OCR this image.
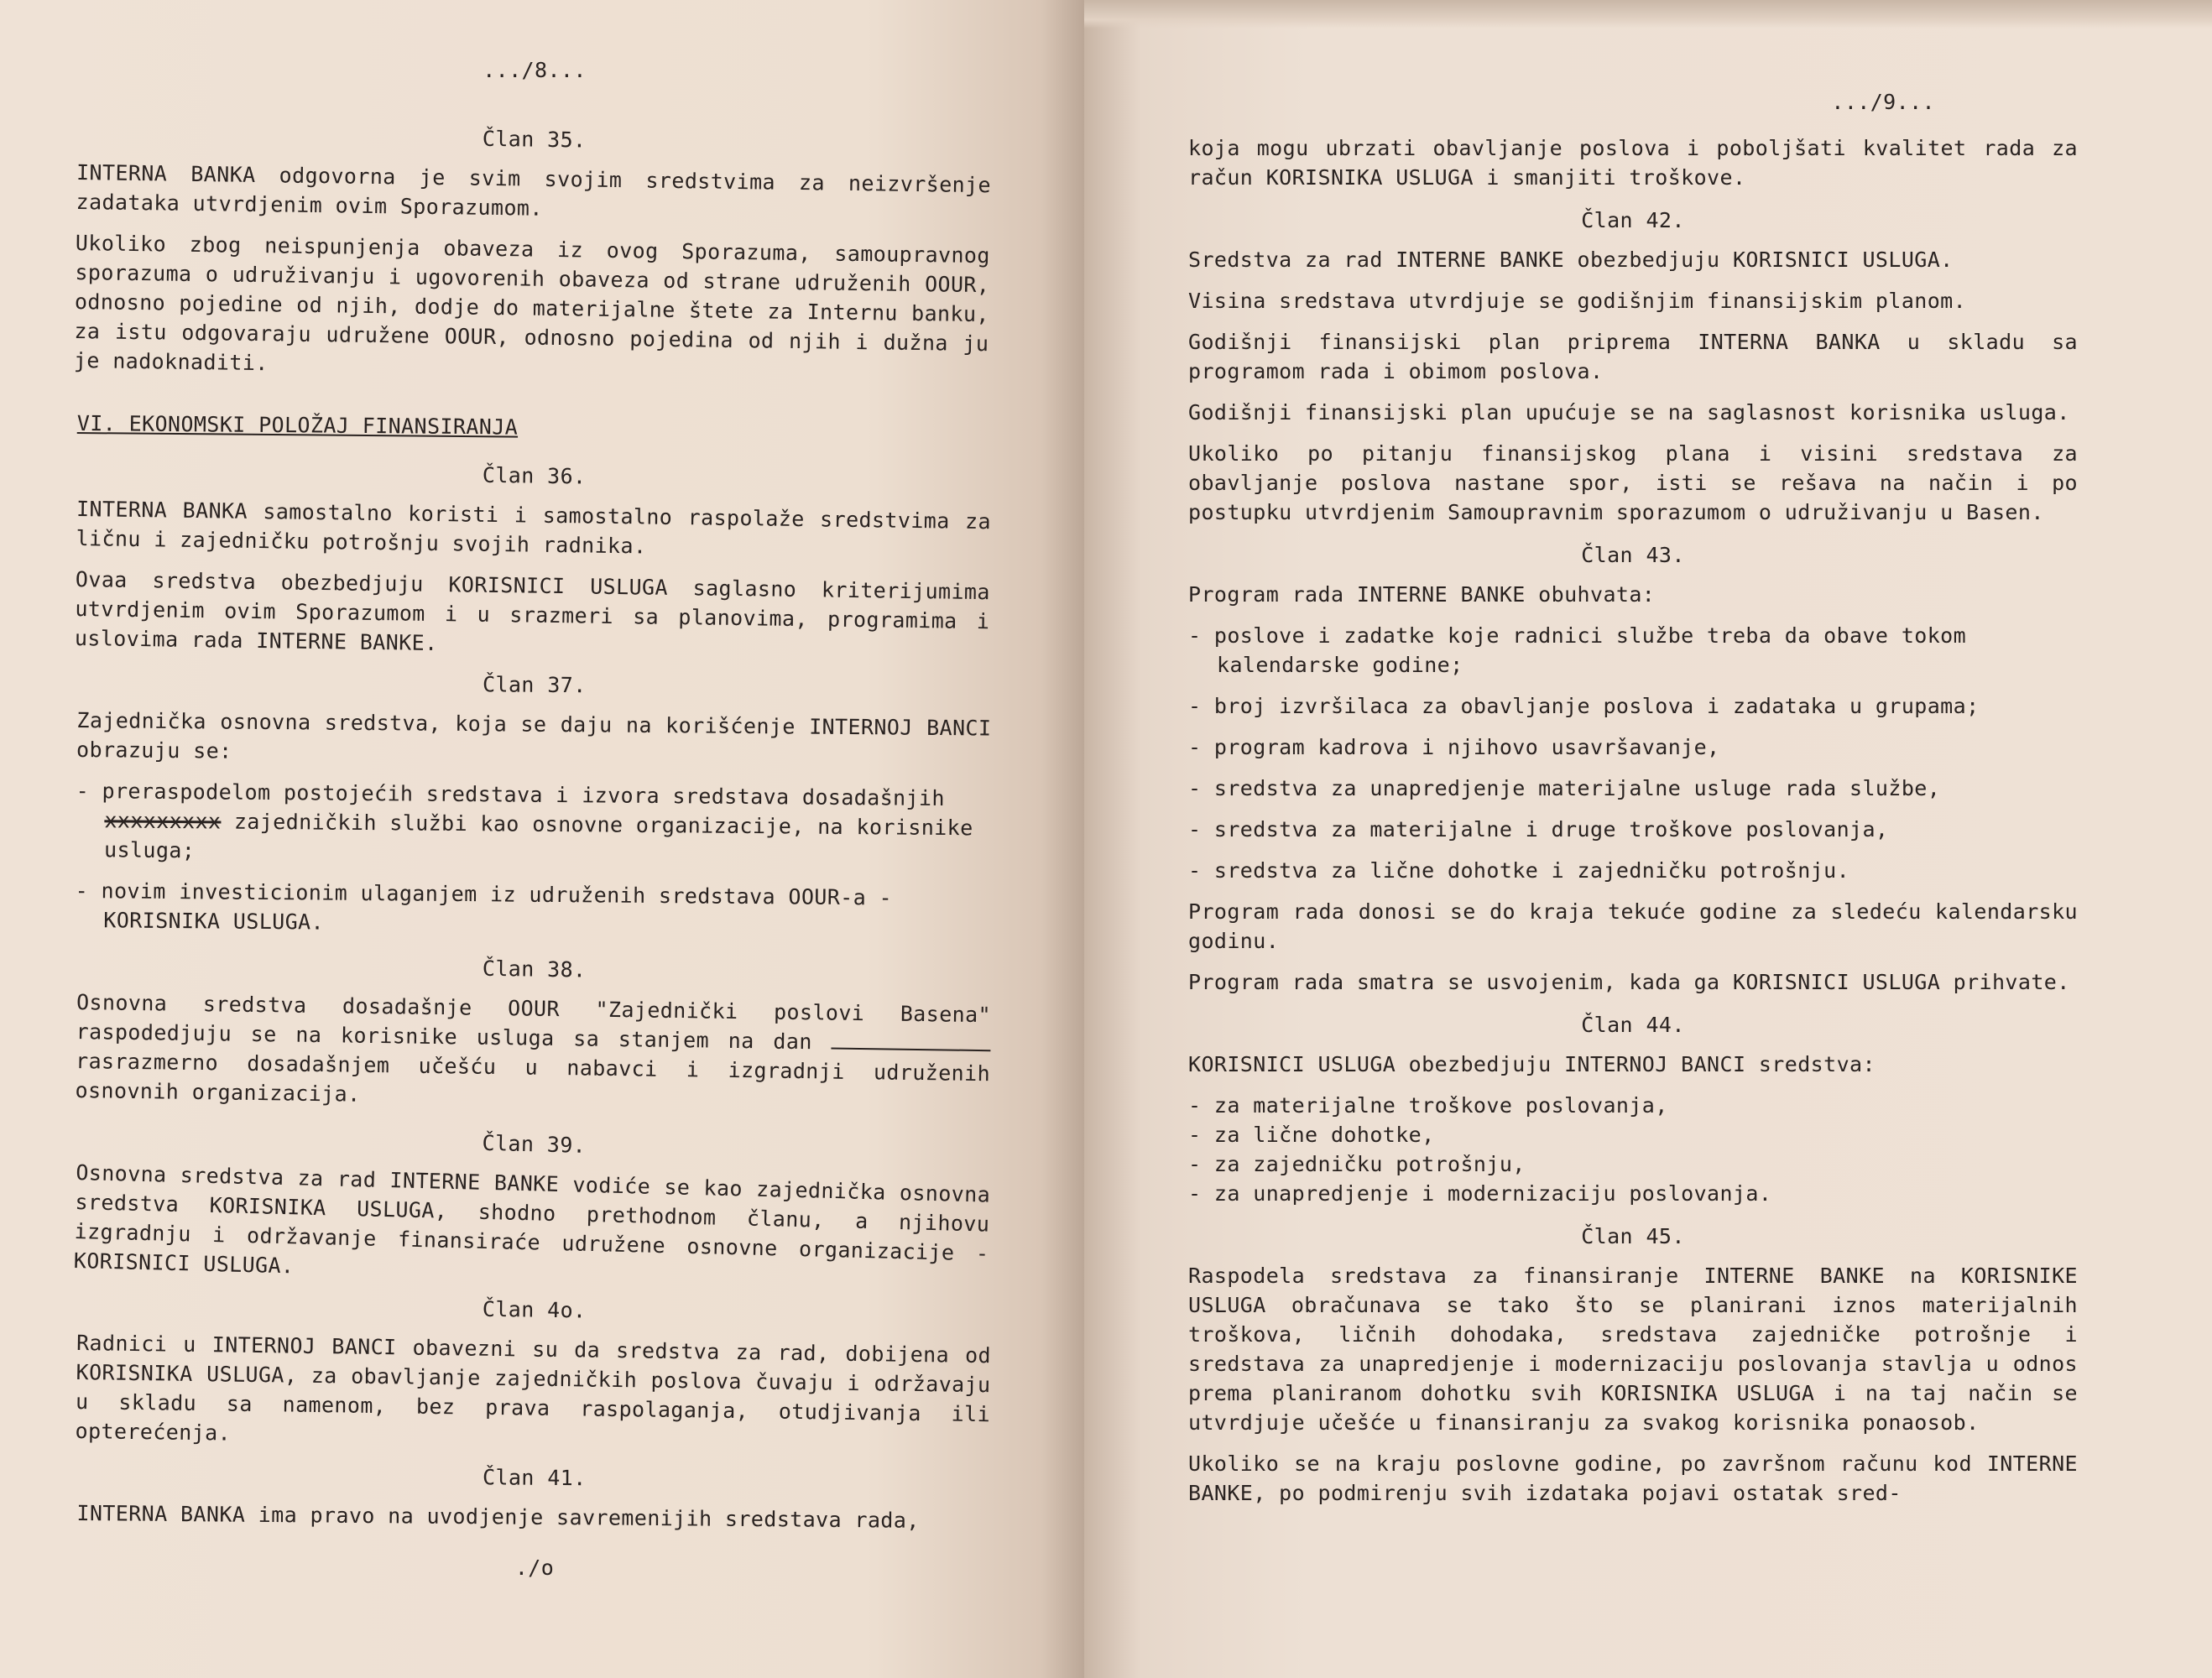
.../8...
Član 35.

INTERNA BANKA odgovorna je svim svojim sredstvima za neizvršenje zadataka utvrdjenim ovim Sporazumom.

Ukoliko zbog neispunjenja obaveza iz ovog Sporazuma, samoupravnog sporazuma o udruživanju i ugovorenih obaveza od strane udruženih OOUR, odnosno pojedine od njih, dodje do materijalne štete za Internu banku, za istu odgovaraju udružene OOUR, odnosno pojedina od njih i dužna ju je nadoknaditi.

VI. EKONOMSKI POLOŽAJ FINANSIRANJA
Član 36.

INTERNA BANKA samostalno koristi i samostalno raspolaže sredstvima za ličnu i zajedničku potrošnju svojih radnika.

Ovaa sredstva obezbedjuju KORISNICI USLUGA saglasno kriterijumima utvrdjenim ovim Sporazumom i u srazmeri sa planovima, programima i uslovima rada INTERNE BANKE.

Član 37.

Zajednička osnovna sredstva, koja se daju na korišćenje INTERNOJ BANCI obrazuju se:

- preraspodelom postojećih sredstava i izvora sredstava dosadašnjih xxxxxxxxx zajedničkih službi kao osnovne organizacije, na korisnike usluga;
- novim investicionim ulaganjem iz udruženih sredstava OOUR-a - KORISNIKA USLUGA.
Član 38.

Osnovna sredstva dosadašnje OOUR "Zajednički poslovi Basena" raspodedjuju se na korisnike usluga sa stanjem na dan  rasrazmerno dosadašnjem učešću u nabavci i izgradnji udruženih osnovnih organizacija.

Član 39.

Osnovna sredstva za rad INTERNE BANKE vodiće se kao zajednička osnovna sredstva KORISNIKA USLUGA, shodno prethodnom članu, a njihovu izgradnju i održavanje finansiraće udružene osnovne organizacije - KORISNICI USLUGA.

Član 4o.

Radnici u INTERNOJ BANCI obavezni su da sredstva za rad, dobijena od KORISNIKA USLUGA, za obavljanje zajedničkih poslova čuvaju i održavaju u skladu sa namenom, bez prava raspolaganja, otudjivanja ili opterećenja.

Član 41.

INTERNA BANKA ima pravo na uvodjenje savremenijih sredstava rada,

./o
.../9...

koja mogu ubrzati obavljanje poslova i poboljšati kvalitet rada za račun KORISNIKA USLUGA i smanjiti troškove.

Član 42.

Sredstva za rad INTERNE BANKE obezbedjuju KORISNICI USLUGA.

Visina sredstava utvrdjuje se godišnjim finansijskim planom.

Godišnji finansijski plan priprema INTERNA BANKA u skladu sa programom rada i obimom poslova.

Godišnji finansijski plan upućuje se na saglasnost korisnika usluga.

Ukoliko po pitanju finansijskog plana i visini sredstava za obavljanje poslova nastane spor, isti se rešava na način i po postupku utvrdjenim Samoupravnim sporazumom o udruživanju u Basen.

Član 43.

Program rada INTERNE BANKE obuhvata:

- poslove i zadatke koje radnici službe treba da obave tokom kalendarske godine;
- broj izvršilaca za obavljanje poslova i zadataka u grupama;
- program kadrova i njihovo usavršavanje,
- sredstva za unapredjenje materijalne usluge rada službe,
- sredstva za materijalne i druge troškove poslovanja,
- sredstva za lične dohotke i zajedničku potrošnju.

Program rada donosi se do kraja tekuće godine za sledeću kalendarsku godinu.

Program rada smatra se usvojenim, kada ga KORISNICI USLUGA prihvate.

Član 44.

KORISNICI USLUGA obezbedjuju INTERNOJ BANCI sredstva:

- za materijalne troškove poslovanja,
- za lične dohotke,
- za zajedničku potrošnju,
- za unapredjenje i modernizaciju poslovanja.
Član 45.

Raspodela sredstava za finansiranje INTERNE BANKE na KORISNIKE USLUGA obračunava se tako što se planirani iznos materijalnih troškova, ličnih dohodaka, sredstava zajedničke potrošnje i sredstava za unapredjenje i modernizaciju poslovanja stavlja u odnos prema planiranom dohotku svih KORISNIKA USLUGA i na taj način se utvrdjuje učešće u finansiranju za svakog korisnika ponaosob.

Ukoliko se na kraju poslovne godine, po završnom računu kod INTERNE BANKE, po podmirenju svih izdataka pojavi ostatak sred-
